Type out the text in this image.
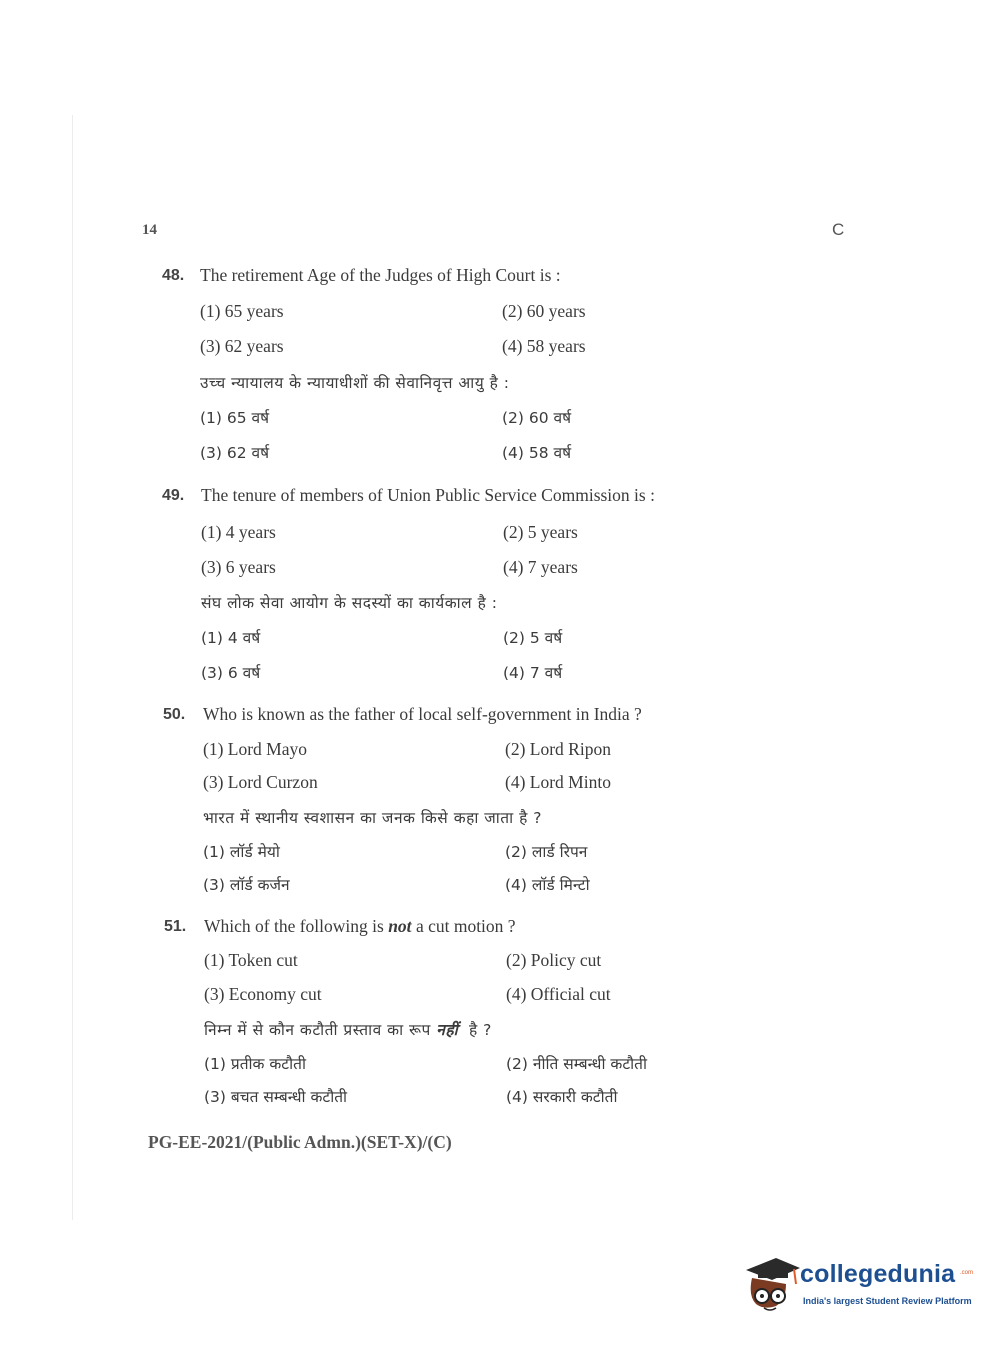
14	C
48. The retirement Age of the Judges of High Court is :
(1) 65 years	(2) 60 years
(3) 62 years	(4) 58 years
उच्च न्यायालय के न्यायाधीशों की सेवानिवृत्त आयु है :
(1) 65 वर्ष	(2) 60 वर्ष
(3) 62 वर्ष	(4) 58 वर्ष
49. The tenure of members of Union Public Service Commission is :
(1) 4 years	(2) 5 years
(3) 6 years	(4) 7 years
संघ लोक सेवा आयोग के सदस्यों का कार्यकाल है :
(1) 4 वर्ष	(2) 5 वर्ष
(3) 6 वर्ष	(4) 7 वर्ष
50. Who is known as the father of local self-government in India ?
(1) Lord Mayo	(2) Lord Ripon
(3) Lord Curzon	(4) Lord Minto
भारत में स्थानीय स्वशासन का जनक किसे कहा जाता है ?
(1) लॉर्ड मेयो	(2) लार्ड रिपन
(3) लॉर्ड कर्जन	(4) लॉर्ड मिन्टो
51. Which of the following is not a cut motion ?
(1) Token cut	(2) Policy cut
(3) Economy cut	(4) Official cut
निम्न में से कौन कटौती प्रस्ताव का रूप नहीं  है ?
(1) प्रतीक कटौती	(2) नीति सम्बन्धी कटौती
(3) बचत सम्बन्धी कटौती	(4) सरकारी कटौती
PG-EE-2021/(Public Admn.)(SET-X)/(C)
collegedunia .com
India's largest Student Review Platform
